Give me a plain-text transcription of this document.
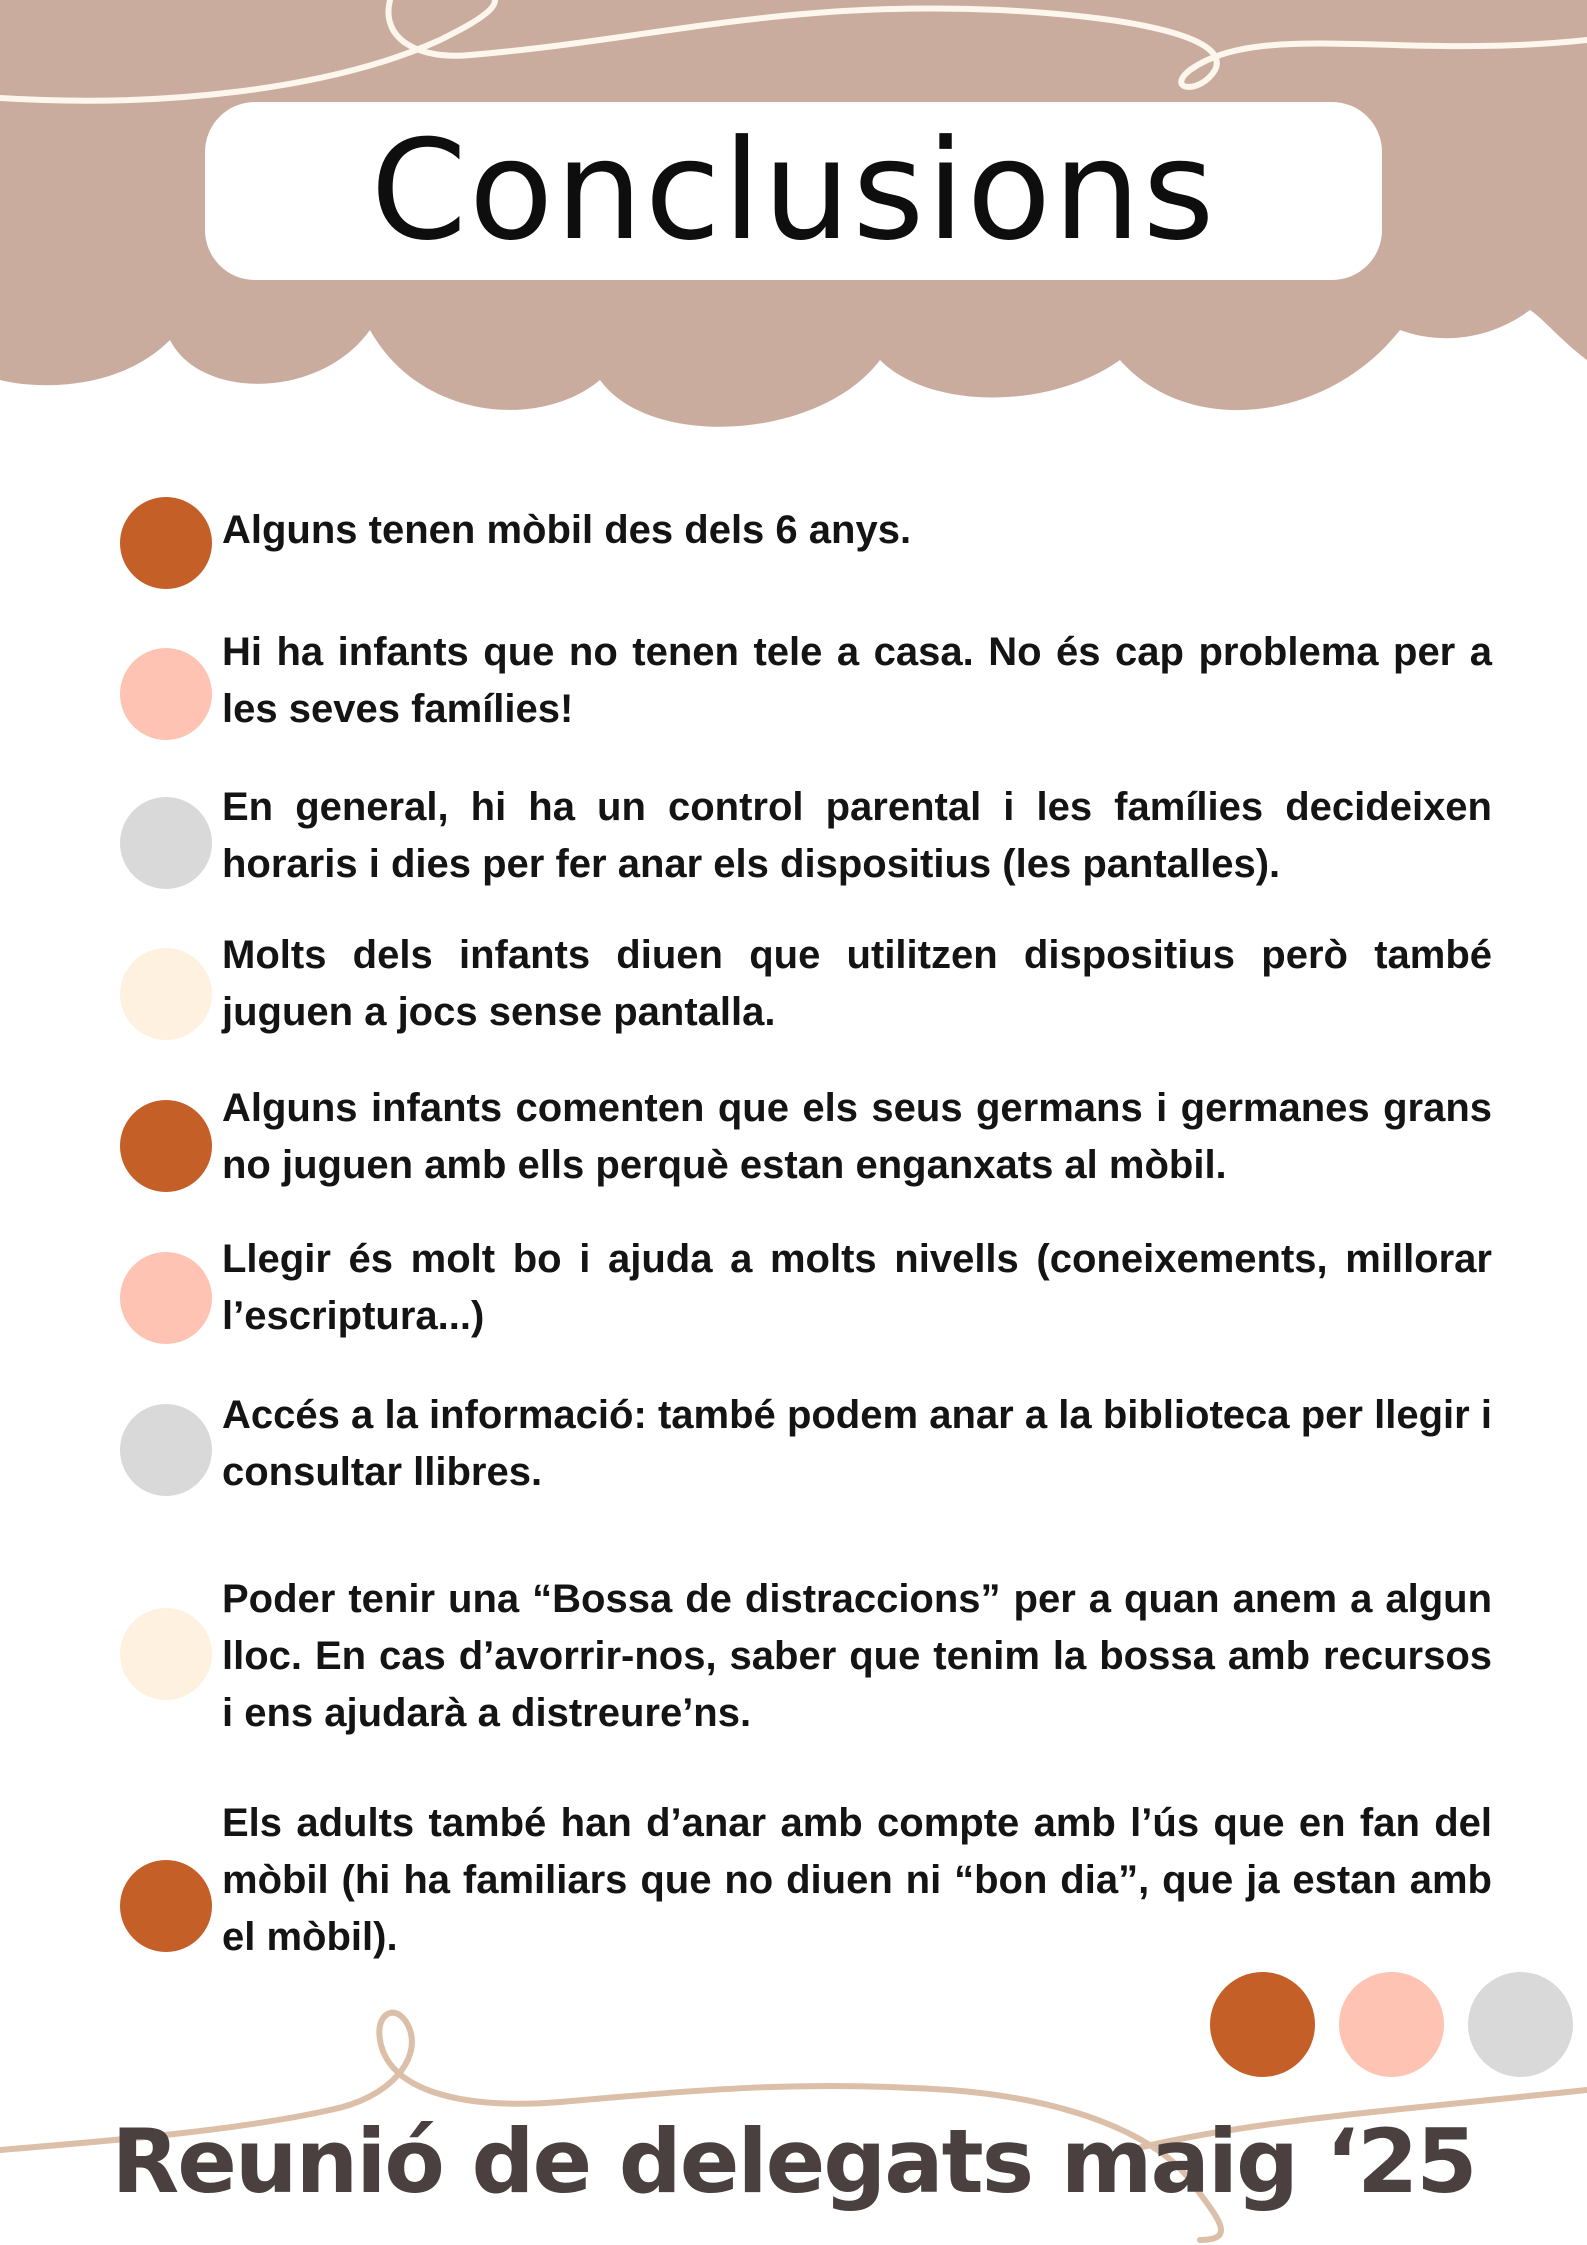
Conclusions
Alguns tenen mòbil des dels 6 anys.
Hi ha infants que no tenen tele a casa. No és cap problema per a les seves famílies!
En general, hi ha un control parental i les famílies decideixen horaris i dies per fer anar els dispositius (les pantalles).
Molts dels infants diuen que utilitzen dispositius però també juguen a jocs sense pantalla.
Alguns infants comenten que els seus germans i germanes grans no juguen amb ells perquè estan enganxats al mòbil.
Llegir és molt bo i ajuda a molts nivells (coneixements, millorar l’escriptura...)
Accés a la informació: també podem anar a la biblioteca per llegir i consultar llibres.
Poder tenir una “Bossa de distraccions” per a quan anem a algun lloc. En cas d’avorrir-nos, saber que tenim la bossa amb recursos i ens ajudarà a distreure’ns.
Els adults també han d’anar amb compte amb l’ús que en fan del mòbil (hi ha familiars que no diuen ni “bon dia”, que ja estan amb el mòbil).
Reunió de delegats maig ‘25
